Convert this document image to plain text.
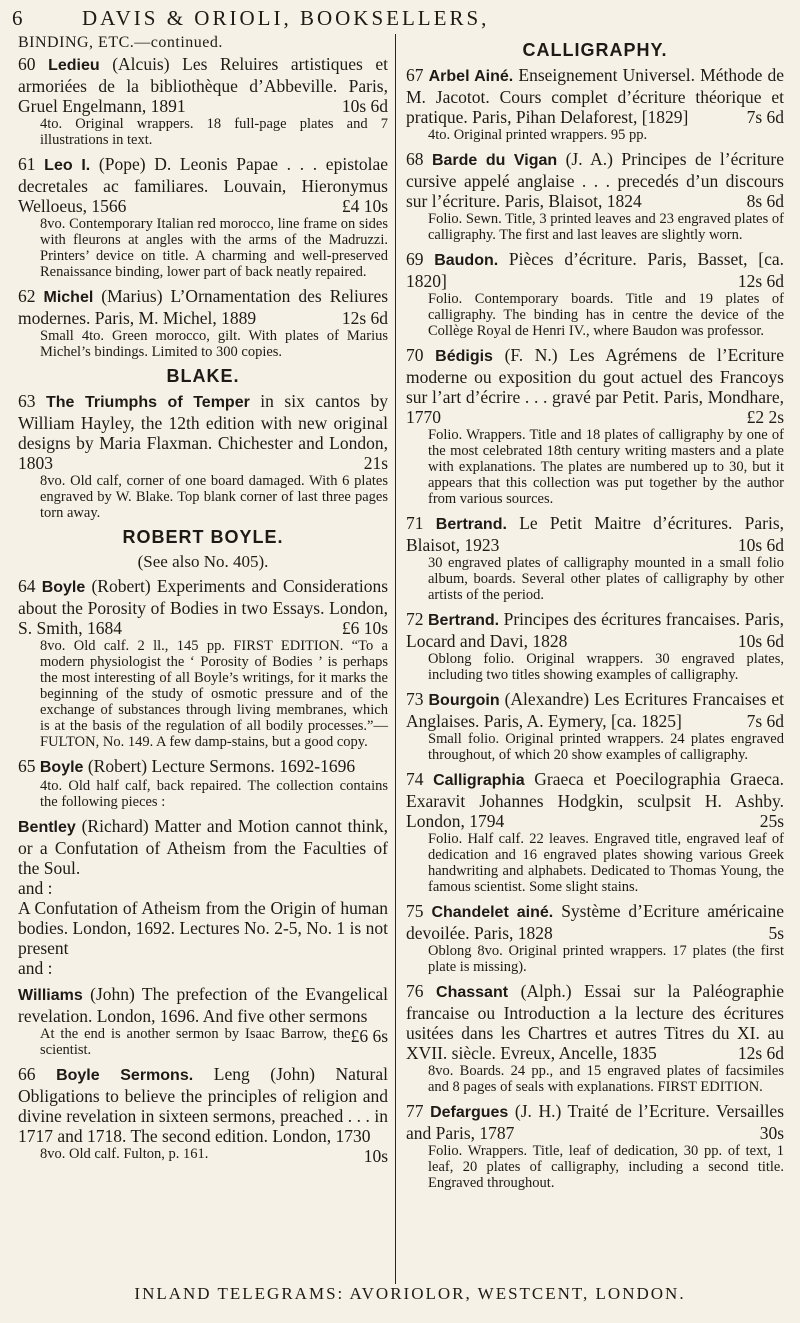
6	DAVIS & ORIOLI, BOOKSELLERS,
BINDING, ETC.—continued.

60 Ledieu (Alcuis) Les Reluires artistiques et armoriées de la bibliothèque d’Abbeville. Paris, Gruel Engelmann, 1891	10s 6d

4to. Original wrappers. 18 full-page plates and 7 illustrations in text.

61 Leo I. (Pope) D. Leonis Papae . . . epistolae decretales ac familiares. Louvain, Hieronymus Welloeus, 1566	£4 10s

8vo. Contemporary Italian red morocco, line frame on sides with fleurons at angles with the arms of the Madruzzi. Printers’ device on title. A charming and well-preserved Renaissance binding, lower part of back neatly repaired.

62 Michel (Marius) L’Ornamentation des Reliures modernes. Paris, M. Michel, 1889	12s 6d

Small 4to. Green morocco, gilt. With plates of Marius Michel’s bindings. Limited to 300 copies.

BLAKE.

63 The Triumphs of Temper in six cantos by William Hayley, the 12th edition with new original designs by Maria Flaxman. Chichester and London, 1803	21s

8vo. Old calf, corner of one board damaged. With 6 plates engraved by W. Blake. Top blank corner of last three pages torn away.

ROBERT BOYLE.
(See also No. 405).

64 Boyle (Robert) Experiments and Considerations about the Porosity of Bodies in two Essays. London, S. Smith, 1684	£6 10s

8vo. Old calf. 2 ll., 145 pp. FIRST EDITION. “To a modern physiologist the ‘ Porosity of Bodies ’ is perhaps the most interesting of all Boyle’s writings, for it marks the beginning of the study of osmotic pressure and of the exchange of substances through living membranes, which is at the basis of the regulation of all bodily processes.”—FULTON, No. 149. A few damp-stains, but a good copy.

65 Boyle (Robert) Lecture Sermons. 1692-1696

4to. Old half calf, back repaired. The collection contains the following pieces :

Bentley (Richard) Matter and Motion cannot think, or a Confutation of Atheism from the Faculties of the Soul.

and :

A Confutation of Atheism from the Origin of human bodies. London, 1692. Lectures No. 2-5, No. 1 is not present

and :

Williams (John) The prefection of the Evangelical revelation. London, 1696. And five other sermons
£6 6s

At the end is another sermon by Isaac Barrow, the scientist.

66 Boyle Sermons. Leng (John) Natural Obligations to believe the principles of religion and divine revelation in sixteen sermons, preached . . . in 1717 and 1718. The second edition. London, 1730
10s

8vo. Old calf. Fulton, p. 161.

CALLIGRAPHY.

67 Arbel Ainé. Enseignement Universel. Méthode de M. Jacotot. Cours complet d’écriture théorique et pratique. Paris, Pihan Delaforest, [1829]	7s 6d

4to. Original printed wrappers. 95 pp.

68 Barde du Vigan (J. A.) Principes de l’écriture cursive appelé anglaise . . . precedés d’un discours sur l’écriture. Paris, Blaisot, 1824	8s 6d

Folio. Sewn. Title, 3 printed leaves and 23 engraved plates of calligraphy. The first and last leaves are slightly worn.

69 Baudon. Pièces d’écriture. Paris, Basset, [ca. 1820]	12s 6d

Folio. Contemporary boards. Title and 19 plates of calligraphy. The binding has in centre the device of the Collège Royal de Henri IV., where Baudon was professor.

70 Bédigis (F. N.) Les Agrémens de l’Ecriture moderne ou exposition du gout actuel des Francoys sur l’art d’écrire . . . gravé par Petit. Paris, Mondhare, 1770	£2 2s

Folio. Wrappers. Title and 18 plates of calligraphy by one of the most celebrated 18th century writing masters and a plate with explanations. The plates are numbered up to 30, but it appears that this collection was put together by the author from various sources.

71 Bertrand. Le Petit Maitre d’écritures. Paris, Blaisot, 1923	10s 6d

30 engraved plates of calligraphy mounted in a small folio album, boards. Several other plates of calligraphy by other artists of the period.

72 Bertrand. Principes des écritures francaises. Paris, Locard and Davi, 1828	10s 6d

Oblong folio. Original wrappers. 30 engraved plates, including two titles showing examples of calligraphy.

73 Bourgoin (Alexandre) Les Ecritures Francaises et Anglaises. Paris, A. Eymery, [ca. 1825]	7s 6d

Small folio. Original printed wrappers. 24 plates engraved throughout, of which 20 show examples of calligraphy.

74 Calligraphia Graeca et Poecilographia Graeca. Exaravit Johannes Hodgkin, sculpsit H. Ashby. London, 1794	25s

Folio. Half calf. 22 leaves. Engraved title, engraved leaf of dedication and 16 engraved plates showing various Greek handwriting and alphabets. Dedicated to Thomas Young, the famous scientist. Some slight stains.

75 Chandelet ainé. Système d’Ecriture américaine devoilée. Paris, 1828	5s

Oblong 8vo. Original printed wrappers. 17 plates (the first plate is missing).

76 Chassant (Alph.) Essai sur la Paléographie francaise ou Introduction a la lecture des écritures usitées dans les Chartres et autres Titres du XI. au XVII. siècle. Evreux, Ancelle, 1835	12s 6d

8vo. Boards. 24 pp., and 15 engraved plates of facsimiles and 8 pages of seals with explanations. FIRST EDITION.

77 Defargues (J. H.) Traité de l’Ecriture. Versailles and Paris, 1787	30s

Folio. Wrappers. Title, leaf of dedication, 30 pp. of text, 1 leaf, 20 plates of calligraphy, including a second title. Engraved throughout.

INLAND TELEGRAMS: AVORIOLOR, WESTCENT, LONDON.
